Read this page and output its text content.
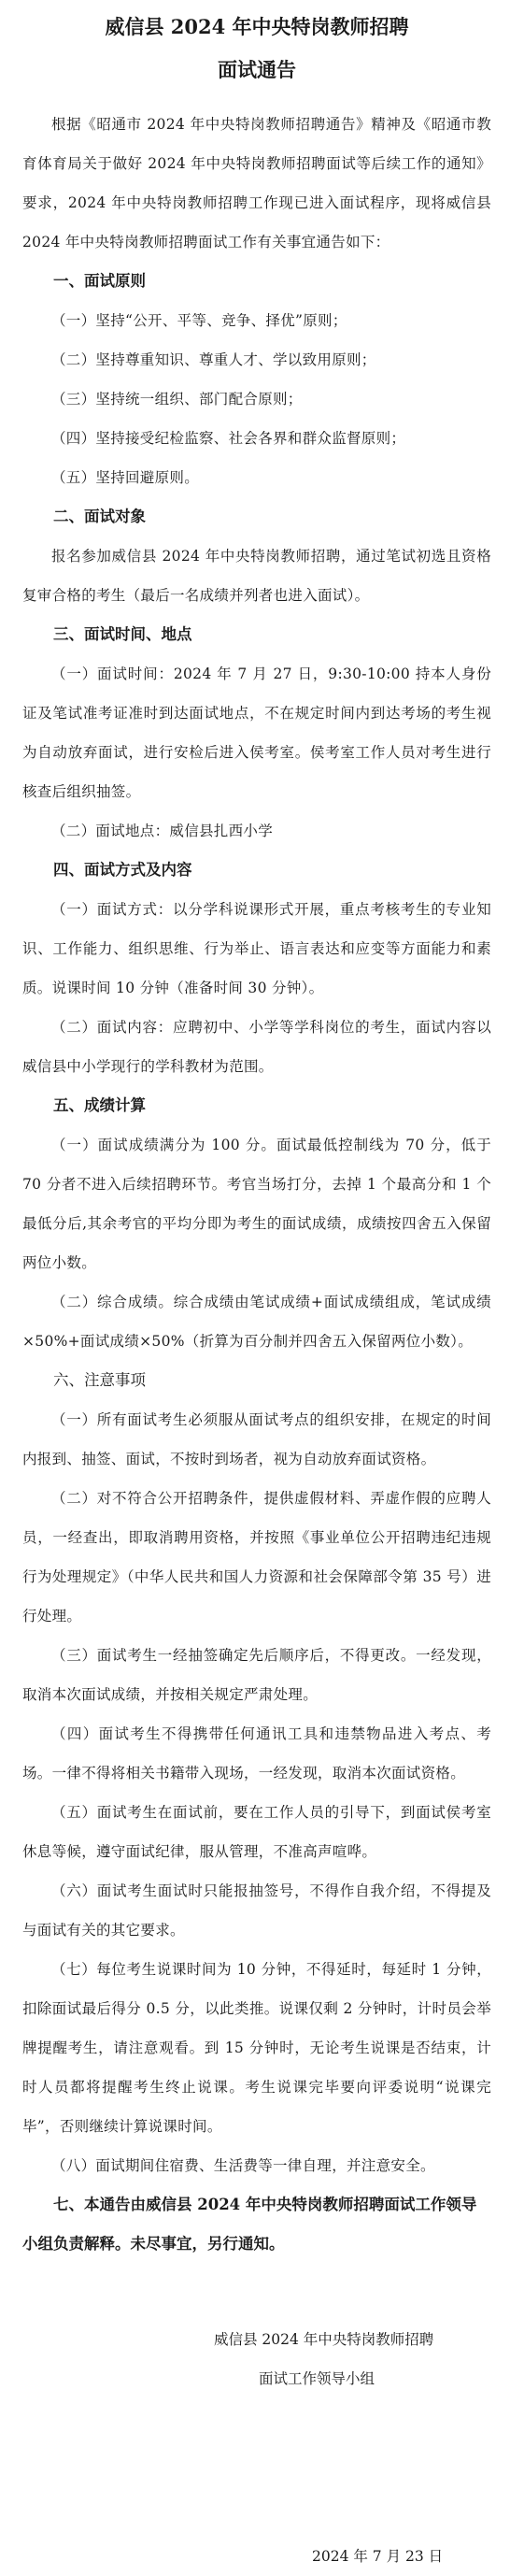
威信县 2024 年中央特岗教师招聘
面试通告

根据《昭通市 2024 年中央特岗教师招聘通告》精神及《昭通市教育体育局关于做好 2024 年中央特岗教师招聘面试等后续工作的通知》要求，2024 年中央特岗教师招聘工作现已进入面试程序，现将威信县 2024 年中央特岗教师招聘面试工作有关事宜通告如下：

一、面试原则

（一）坚持“公开、平等、竞争、择优”原则；

（二）坚持尊重知识、尊重人才、学以致用原则；

（三）坚持统一组织、部门配合原则；

（四）坚持接受纪检监察、社会各界和群众监督原则；

（五）坚持回避原则。

二、面试对象

报名参加威信县 2024 年中央特岗教师招聘，通过笔试初选且资格复审合格的考生（最后一名成绩并列者也进入面试）。

三、面试时间、地点

（一）面试时间：2024 年 7 月 27 日，9:30-10:00 持本人身份证及笔试准考证准时到达面试地点，不在规定时间内到达考场的考生视为自动放弃面试，进行安检后进入侯考室。侯考室工作人员对考生进行核查后组织抽签。

（二）面试地点：威信县扎西小学

四、面试方式及内容

（一）面试方式：以分学科说课形式开展，重点考核考生的专业知识、工作能力、组织思维、行为举止、语言表达和应变等方面能力和素质。说课时间 10 分钟（准备时间 30 分钟）。

（二）面试内容：应聘初中、小学等学科岗位的考生，面试内容以威信县中小学现行的学科教材为范围。

五、成绩计算

（一）面试成绩满分为 100 分。面试最低控制线为 70 分，低于 70 分者不进入后续招聘环节。考官当场打分，去掉 1 个最高分和 1 个最低分后,其余考官的平均分即为考生的面试成绩，成绩按四舍五入保留两位小数。

（二）综合成绩。综合成绩由笔试成绩+面试成绩组成，笔试成绩×50%+面试成绩×50%（折算为百分制并四舍五入保留两位小数）。

六、注意事项

（一）所有面试考生必须服从面试考点的组织安排，在规定的时间内报到、抽签、面试，不按时到场者，视为自动放弃面试资格。

（二）对不符合公开招聘条件，提供虚假材料、弄虚作假的应聘人员，一经查出，即取消聘用资格，并按照《事业单位公开招聘违纪违规行为处理规定》（中华人民共和国人力资源和社会保障部令第 35 号）进行处理。

（三）面试考生一经抽签确定先后顺序后，不得更改。一经发现，取消本次面试成绩，并按相关规定严肃处理。

（四）面试考生不得携带任何通讯工具和违禁物品进入考点、考场。一律不得将相关书籍带入现场，一经发现，取消本次面试资格。

（五）面试考生在面试前，要在工作人员的引导下，到面试侯考室休息等候，遵守面试纪律，服从管理，不准高声喧哗。

（六）面试考生面试时只能报抽签号，不得作自我介绍，不得提及与面试有关的其它要求。

（七）每位考生说课时间为 10 分钟，不得延时，每延时 1 分钟，扣除面试最后得分 0.5 分，以此类推。说课仅剩 2 分钟时，计时员会举牌提醒考生，请注意观看。到 15 分钟时，无论考生说课是否结束，计时人员都将提醒考生终止说课。考生说课完毕要向评委说明“说课完毕”，否则继续计算说课时间。

（八）面试期间住宿费、生活费等一律自理，并注意安全。

七、本通告由威信县 2024 年中央特岗教师招聘面试工作领导小组负责解释。未尽事宜，另行通知。

威信县 2024 年中央特岗教师招聘
面试工作领导小组
2024 年 7 月 23 日
